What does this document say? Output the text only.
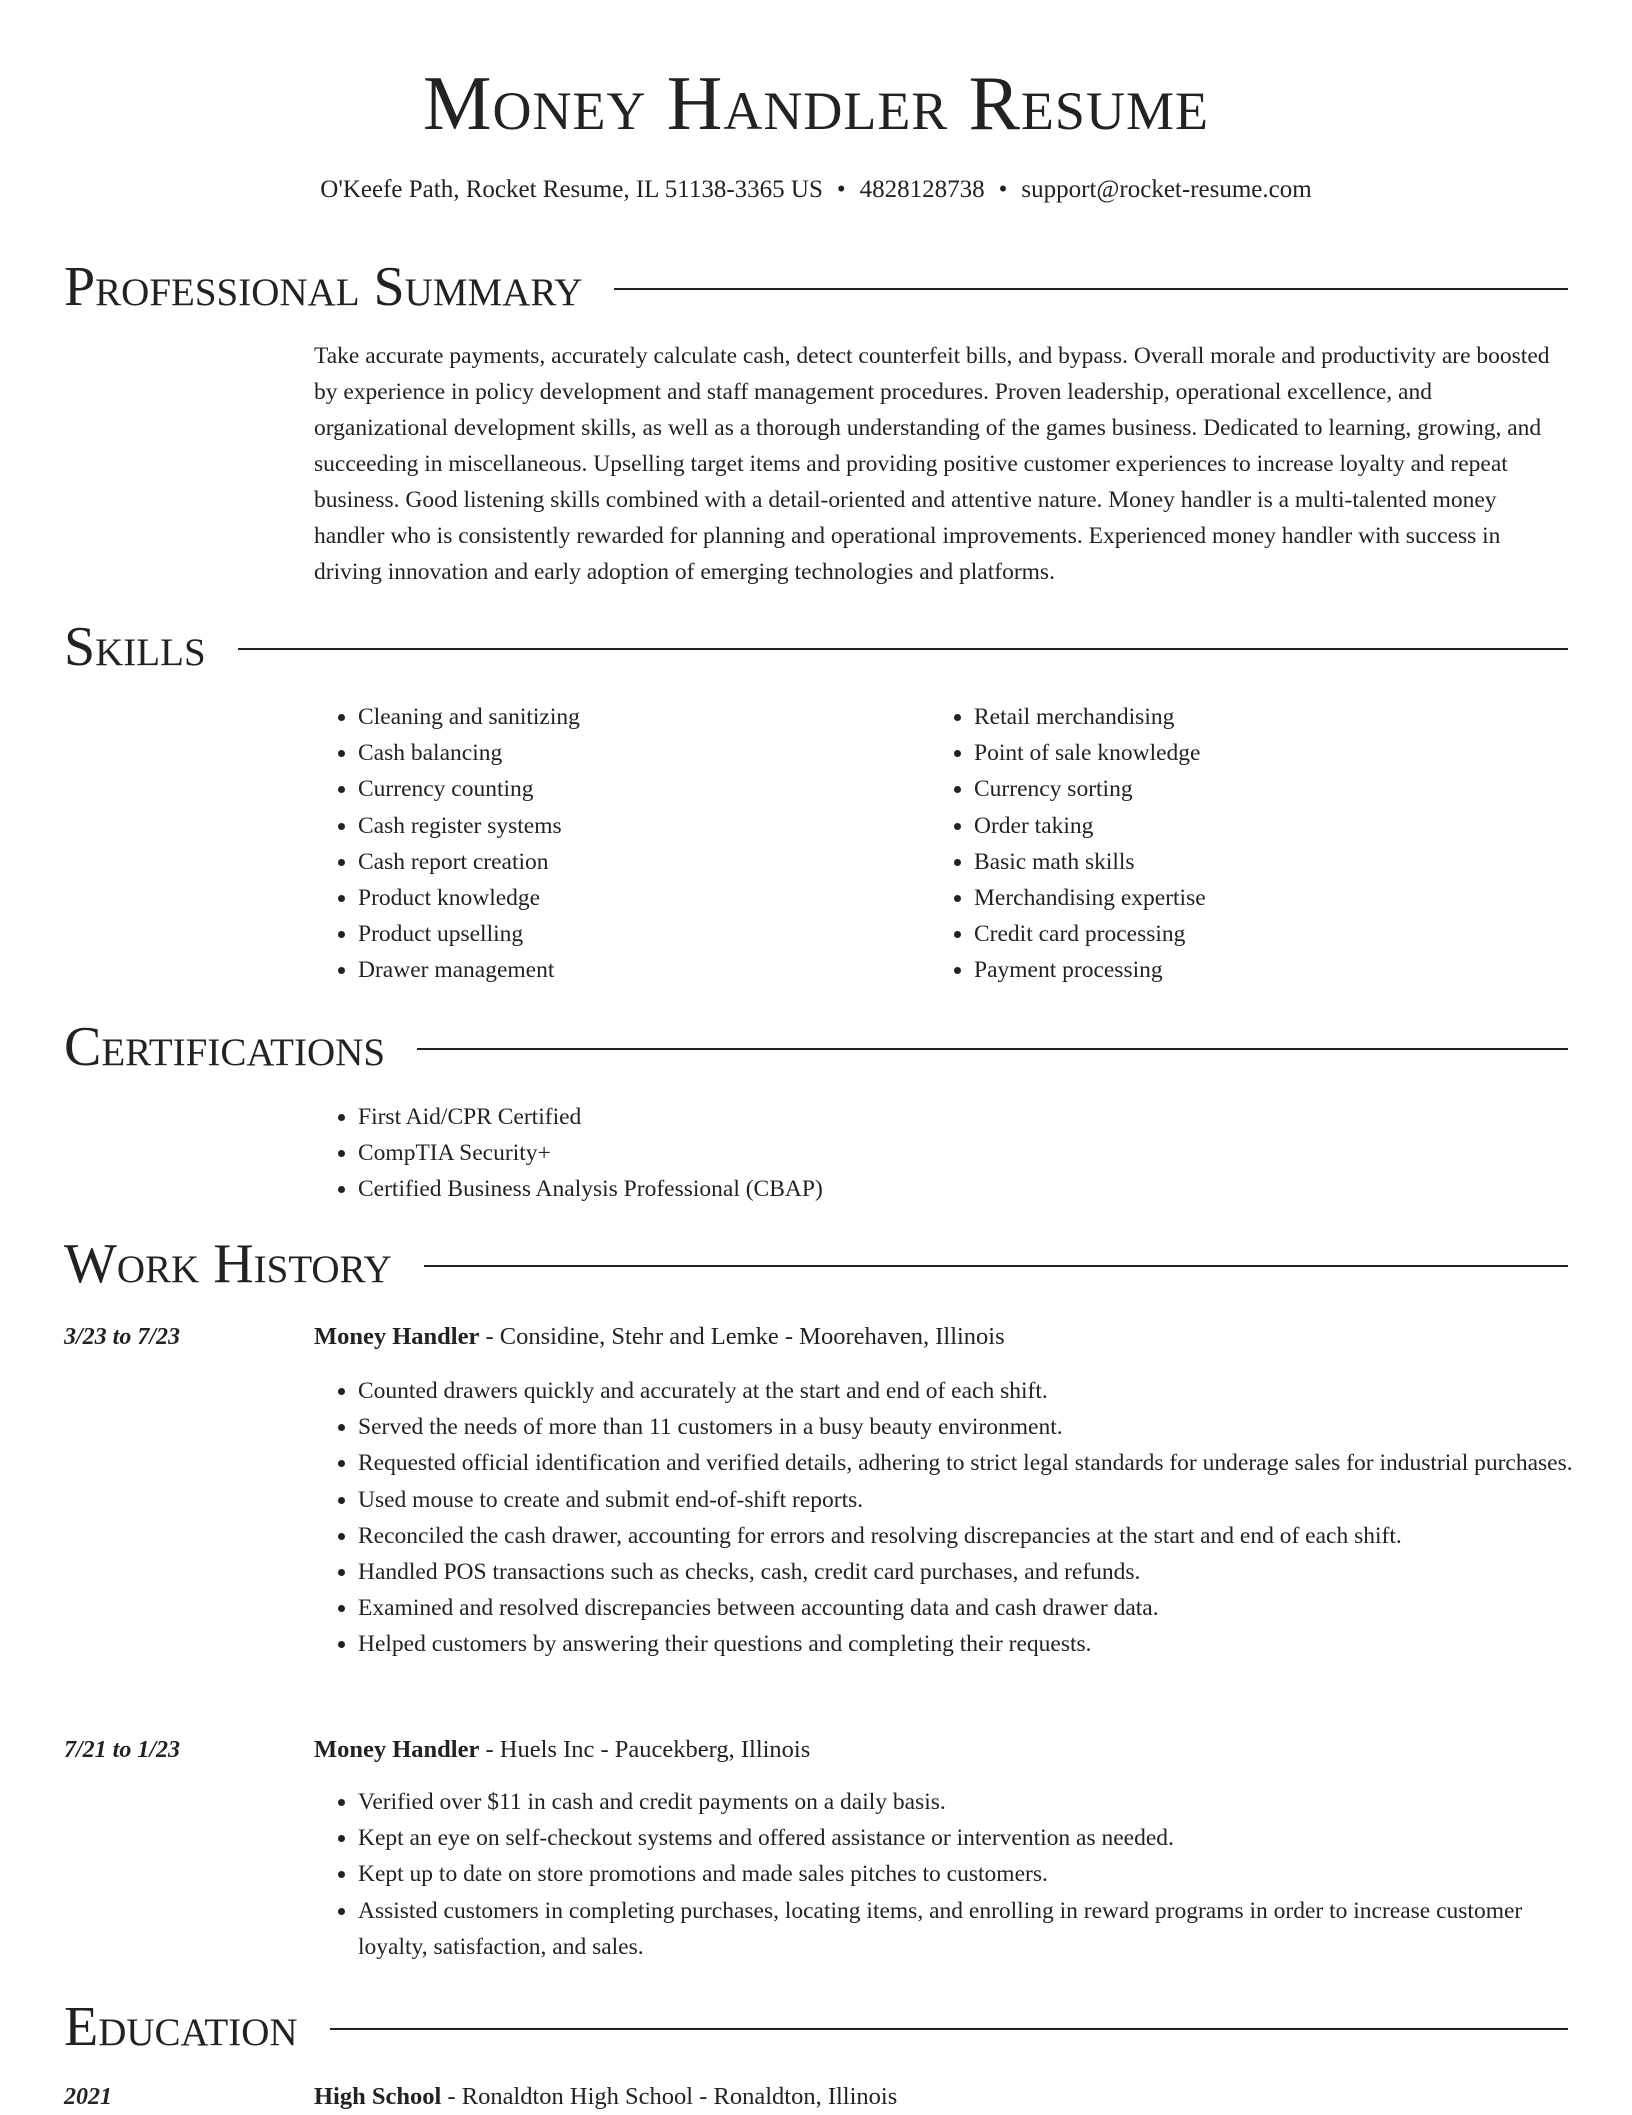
Money Handler Resume
O'Keefe Path, Rocket Resume, IL 51138-3365 US • 4828128738 • support@rocket-resume.com
Professional Summary
Take accurate payments, accurately calculate cash, detect counterfeit bills, and bypass. Overall morale and productivity are boosted by experience in policy development and staff management procedures. Proven leadership, operational excellence, and organizational development skills, as well as a thorough understanding of the games business. Dedicated to learning, growing, and succeeding in miscellaneous. Upselling target items and providing positive customer experiences to increase loyalty and repeat business. Good listening skills combined with a detail-oriented and attentive nature. Money handler is a multi-talented money handler who is consistently rewarded for planning and operational improvements. Experienced money handler with success in driving innovation and early adoption of emerging technologies and platforms.
Skills
• Cleaning and sanitizing
• Cash balancing
• Currency counting
• Cash register systems
• Cash report creation
• Product knowledge
• Product upselling
• Drawer management
• Retail merchandising
• Point of sale knowledge
• Currency sorting
• Order taking
• Basic math skills
• Merchandising expertise
• Credit card processing
• Payment processing
Certifications
• First Aid/CPR Certified
• CompTIA Security+
• Certified Business Analysis Professional (CBAP)
Work History
3/23 to 7/23	Money Handler - Considine, Stehr and Lemke - Moorehaven, Illinois
• Counted drawers quickly and accurately at the start and end of each shift.
• Served the needs of more than 11 customers in a busy beauty environment.
• Requested official identification and verified details, adhering to strict legal standards for underage sales for industrial purchases.
• Used mouse to create and submit end-of-shift reports.
• Reconciled the cash drawer, accounting for errors and resolving discrepancies at the start and end of each shift.
• Handled POS transactions such as checks, cash, credit card purchases, and refunds.
• Examined and resolved discrepancies between accounting data and cash drawer data.
• Helped customers by answering their questions and completing their requests.
7/21 to 1/23	Money Handler - Huels Inc - Paucekberg, Illinois
• Verified over $11 in cash and credit payments on a daily basis.
• Kept an eye on self-checkout systems and offered assistance or intervention as needed.
• Kept up to date on store promotions and made sales pitches to customers.
• Assisted customers in completing purchases, locating items, and enrolling in reward programs in order to increase customer loyalty, satisfaction, and sales.
Education
2021	High School - Ronaldton High School - Ronaldton, Illinois
